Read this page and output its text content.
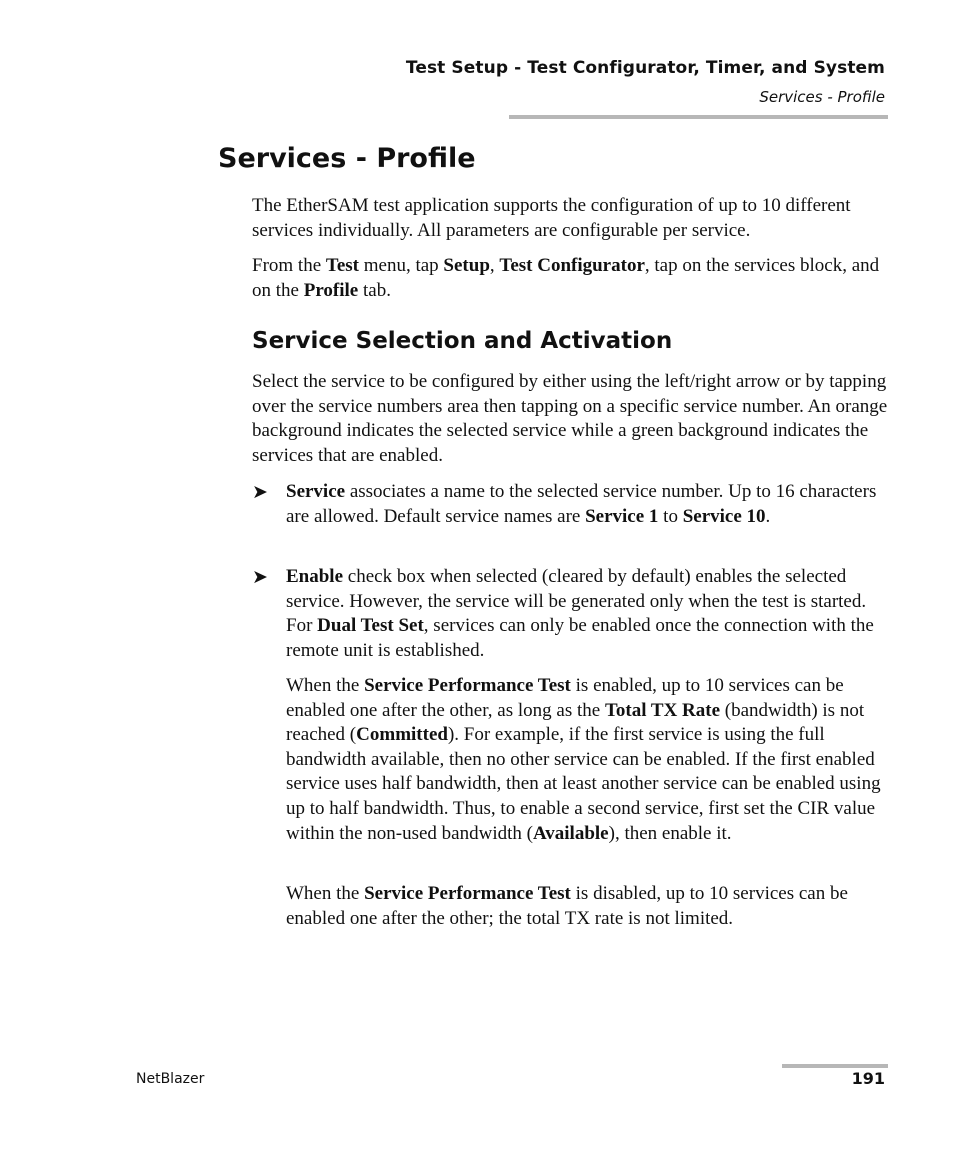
Test Setup - Test Configurator, Timer, and System
Services - Profile
Services - Profile

The EtherSAM test application supports the configuration of up to 10 different services individually. All parameters are configurable per service.

From the Test menu, tap Setup, Test Configurator, tap on the services block, and on the Profile tab.

Service Selection and Activation

Select the service to be configured by either using the left/right arrow or by tapping over the service numbers area then tapping on a specific service number. An orange background indicates the selected service while a green background indicates the services that are enabled.

➤ Service associates a name to the selected service number. Up to 16 characters are allowed. Default service names are Service 1 to Service 10.

➤ Enable check box when selected (cleared by default) enables the selected service. However, the service will be generated only when the test is started. For Dual Test Set, services can only be enabled once the connection with the remote unit is established.

When the Service Performance Test is enabled, up to 10 services can be enabled one after the other, as long as the Total TX Rate (bandwidth) is not reached (Committed). For example, if the first service is using the full bandwidth available, then no other service can be enabled. If the first enabled service uses half bandwidth, then at least another service can be enabled using up to half bandwidth. Thus, to enable a second service, first set the CIR value within the non-used bandwidth (Available), then enable it.

When the Service Performance Test is disabled, up to 10 services can be enabled one after the other; the total TX rate is not limited.

NetBlazer	191
